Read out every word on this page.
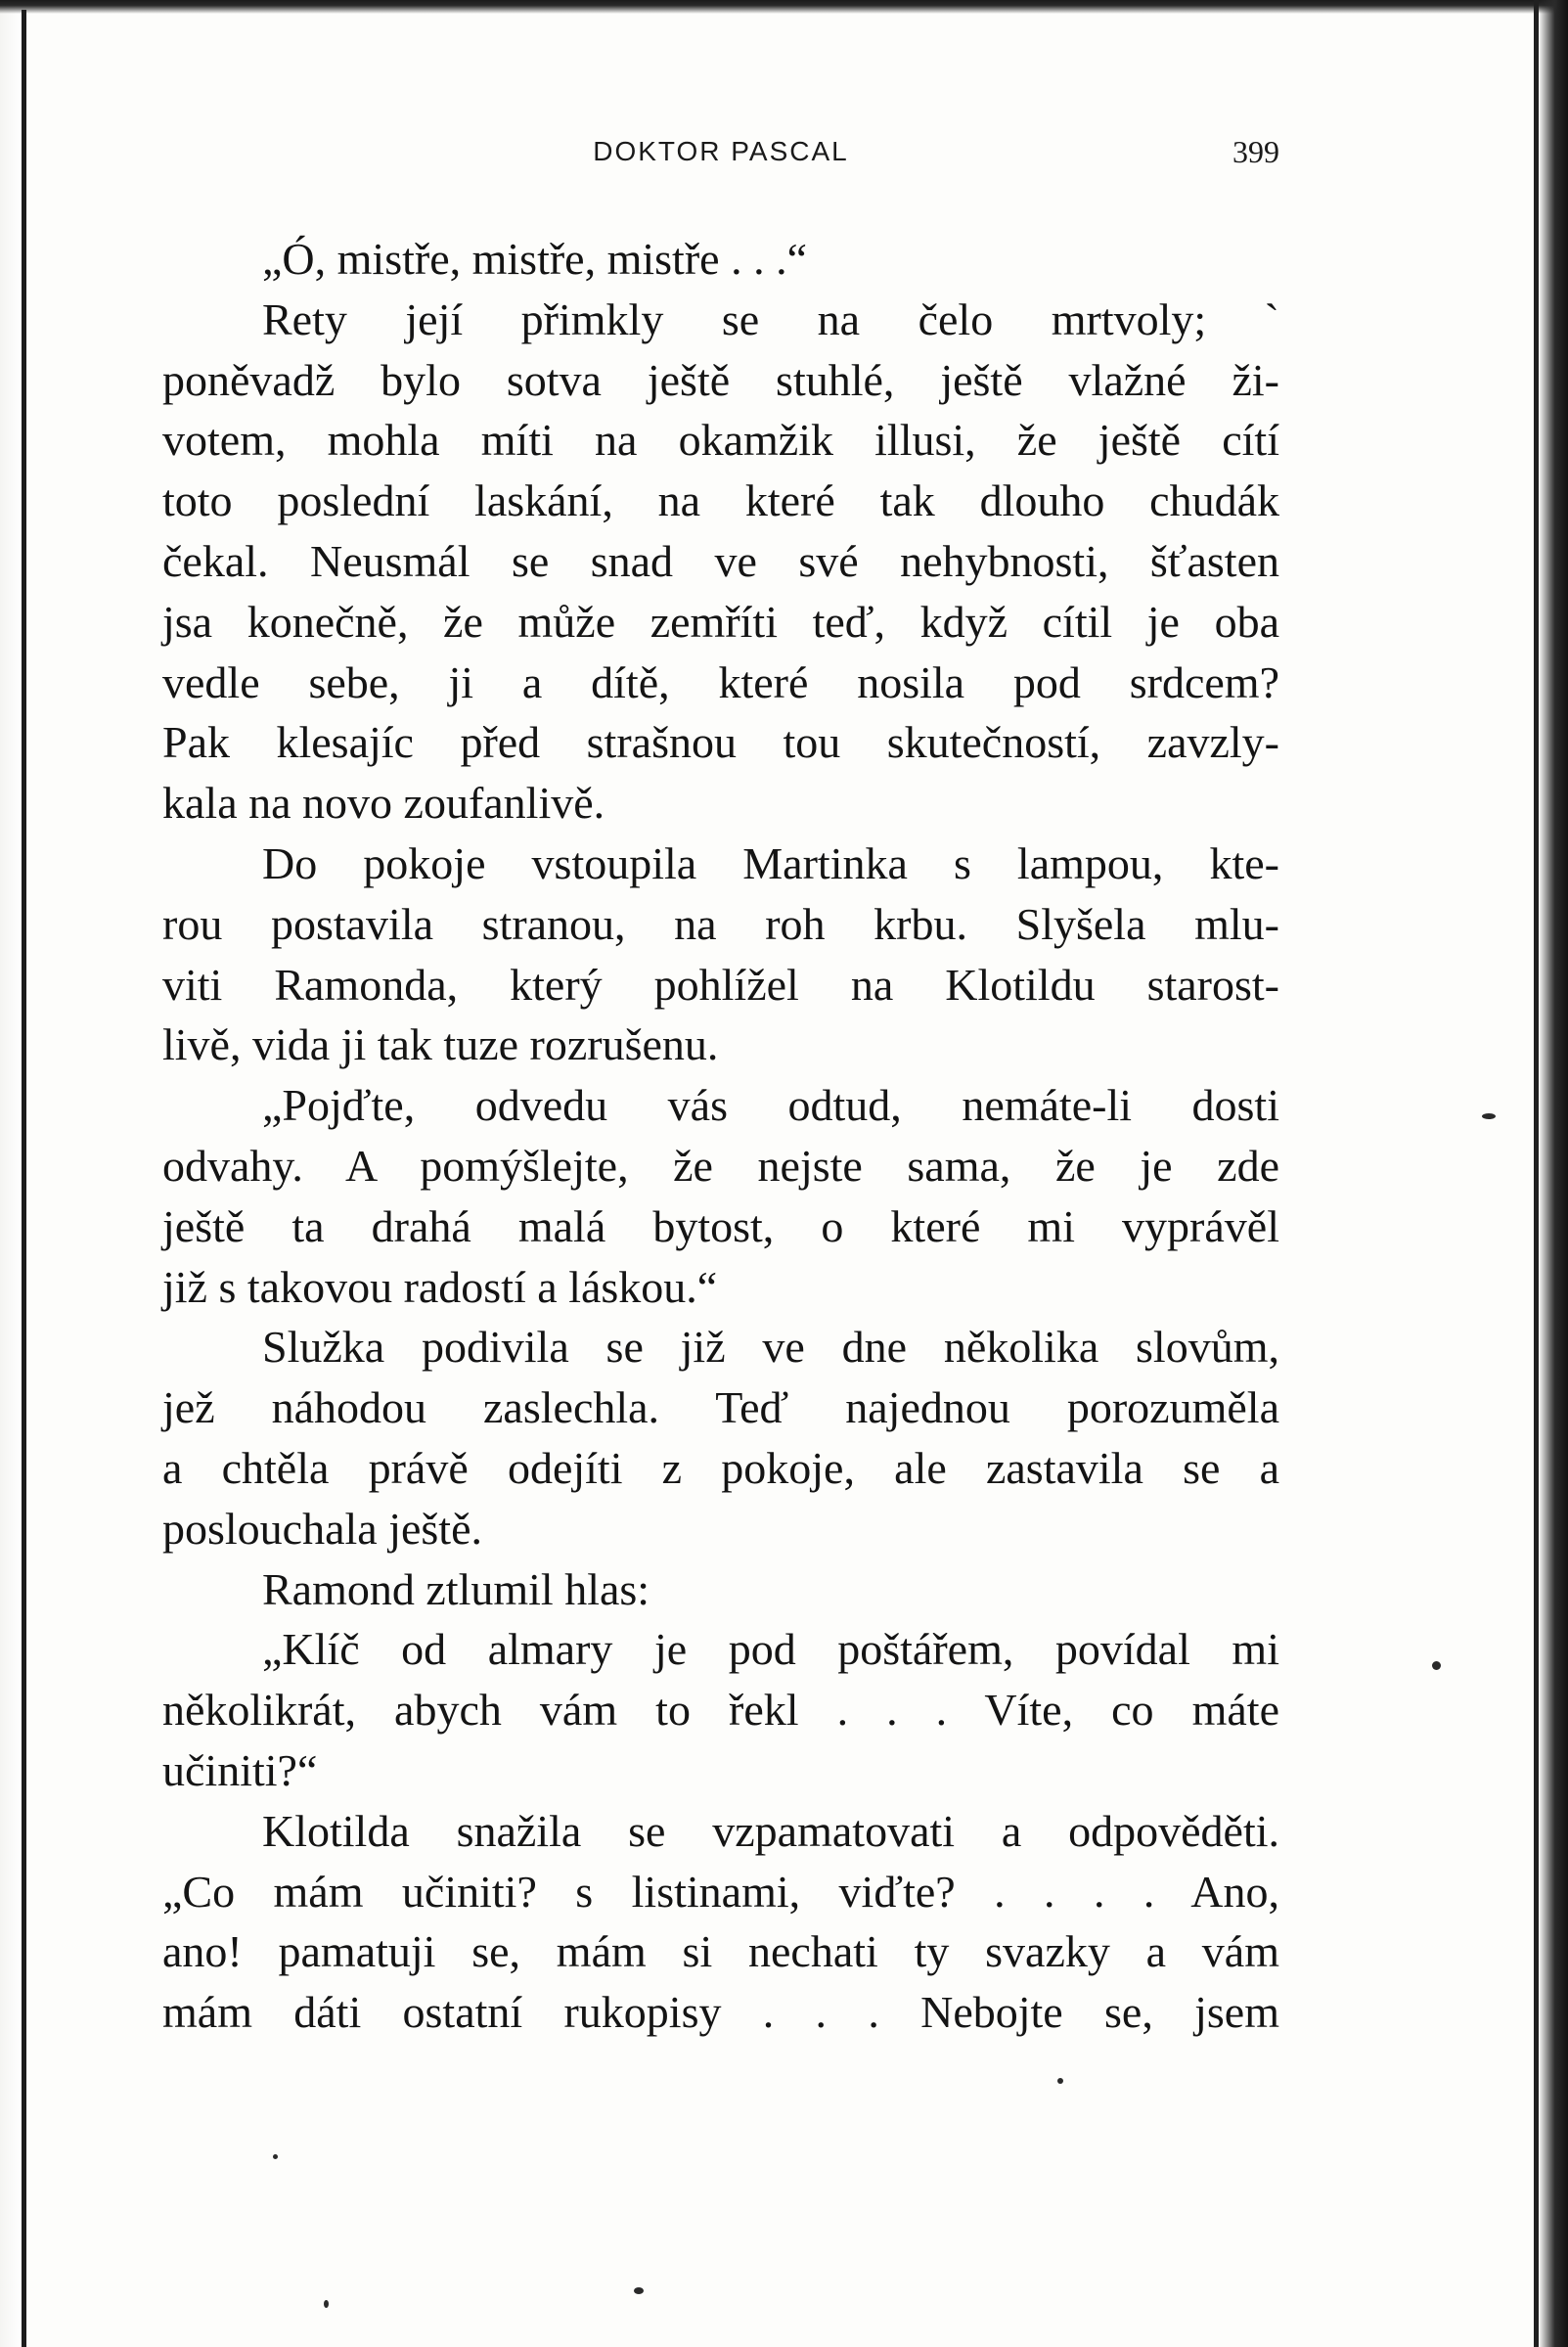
DOKTOR PASCAL	399
„Ó, mistře, mistře, mistře . . .“
Rety její přimkly se na čelo mrtvoly; `
poněvadž bylo sotva ještě stuhlé, ještě vlažné ži-
votem, mohla míti na okamžik illusi, že ještě cítí
toto poslední laskání, na které tak dlouho chudák
čekal. Neusmál se snad ve své nehybnosti, šťasten
jsa konečně, že může zemříti teď, když cítil je oba
vedle sebe, ji a dítě, které nosila pod srdcem?
Pak klesajíc před strašnou tou skutečností, zavzly-
kala na novo zoufanlivě.
Do pokoje vstoupila Martinka s lampou, kte-
rou postavila stranou, na roh krbu. Slyšela mlu-
viti Ramonda, který pohlížel na Klotildu starost-
livě, vida ji tak tuze rozrušenu.
„Pojďte, odvedu vás odtud, nemáte-li dosti
odvahy. A pomýšlejte, že nejste sama, že je zde
ještě ta drahá malá bytost, o které mi vyprávěl
již s takovou radostí a láskou.“
Služka podivila se již ve dne několika slovům,
jež náhodou zaslechla. Teď najednou porozuměla
a chtěla právě odejíti z pokoje, ale zastavila se a
poslouchala ještě.
Ramond ztlumil hlas:
„Klíč od almary je pod poštářem, povídal mi
několikrát, abych vám to řekl . . . Víte, co máte
učiniti?“
Klotilda snažila se vzpamatovati a odpověděti.
„Co mám učiniti? s listinami, viďte? . . . . Ano,
ano! pamatuji se, mám si nechati ty svazky a vám
mám dáti ostatní rukopisy . . . Nebojte se, jsem
